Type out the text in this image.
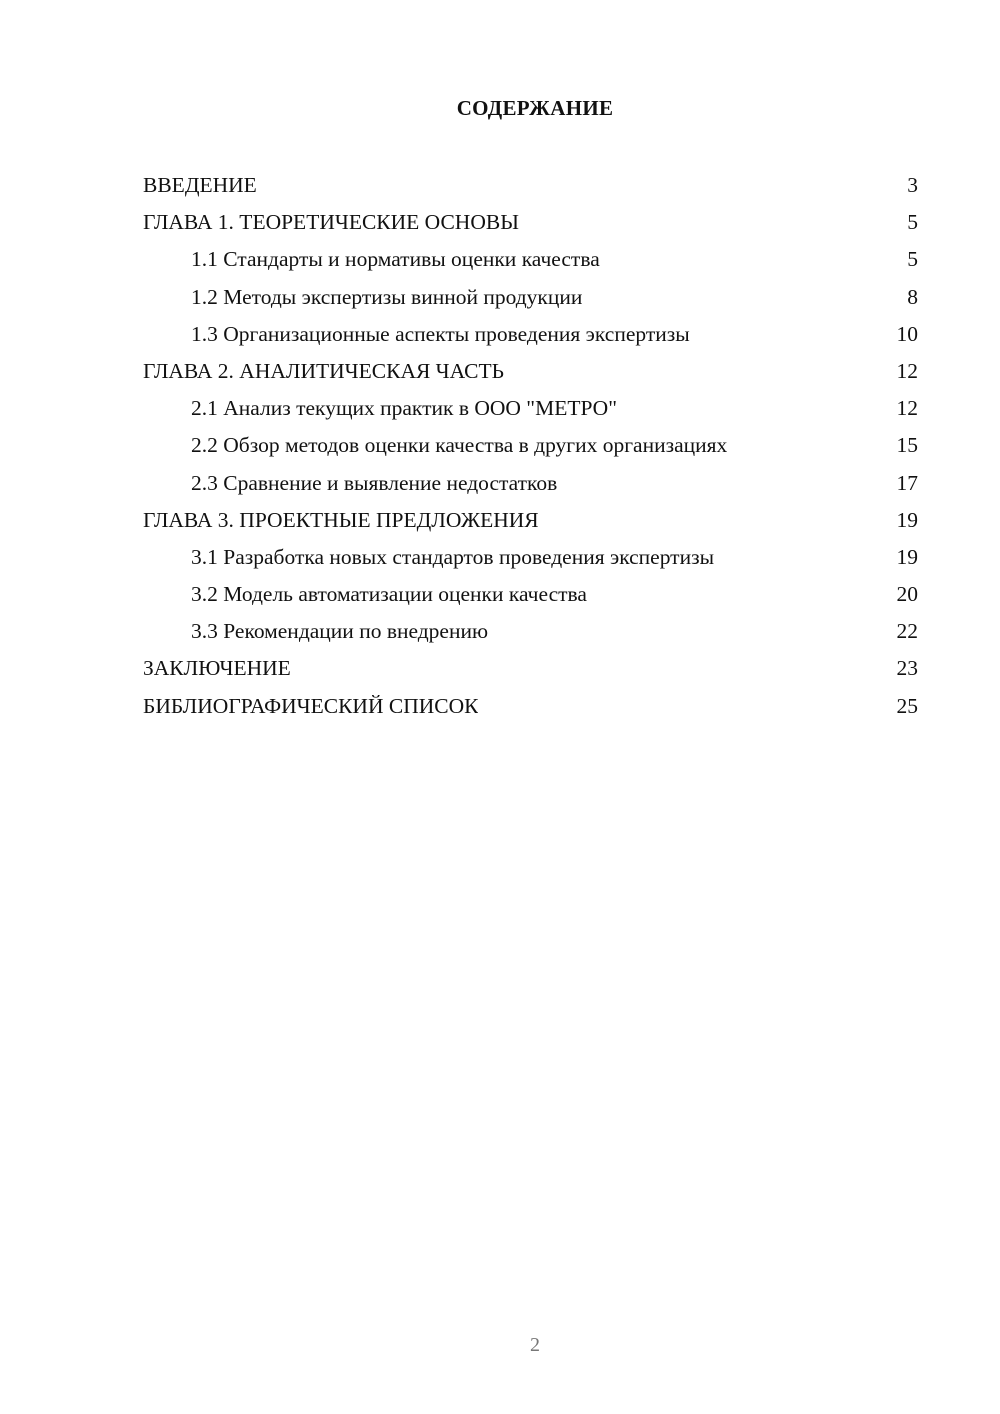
СОДЕРЖАНИЕ
ВВЕДЕНИЕ	3
ГЛАВА 1. ТЕОРЕТИЧЕСКИЕ ОСНОВЫ	5
1.1 Стандарты и нормативы оценки качества	5
1.2 Методы экспертизы винной продукции	8
1.3 Организационные аспекты проведения экспертизы	10
ГЛАВА 2. АНАЛИТИЧЕСКАЯ ЧАСТЬ	12
2.1 Анализ текущих практик в ООО "МЕТРО"	12
2.2 Обзор методов оценки качества в других организациях	15
2.3 Сравнение и выявление недостатков	17
ГЛАВА 3. ПРОЕКТНЫЕ ПРЕДЛОЖЕНИЯ	19
3.1 Разработка новых стандартов проведения экспертизы	19
3.2 Модель автоматизации оценки качества	20
3.3 Рекомендации по внедрению	22
ЗАКЛЮЧЕНИЕ	23
БИБЛИОГРАФИЧЕСКИЙ СПИСОК	25
2
